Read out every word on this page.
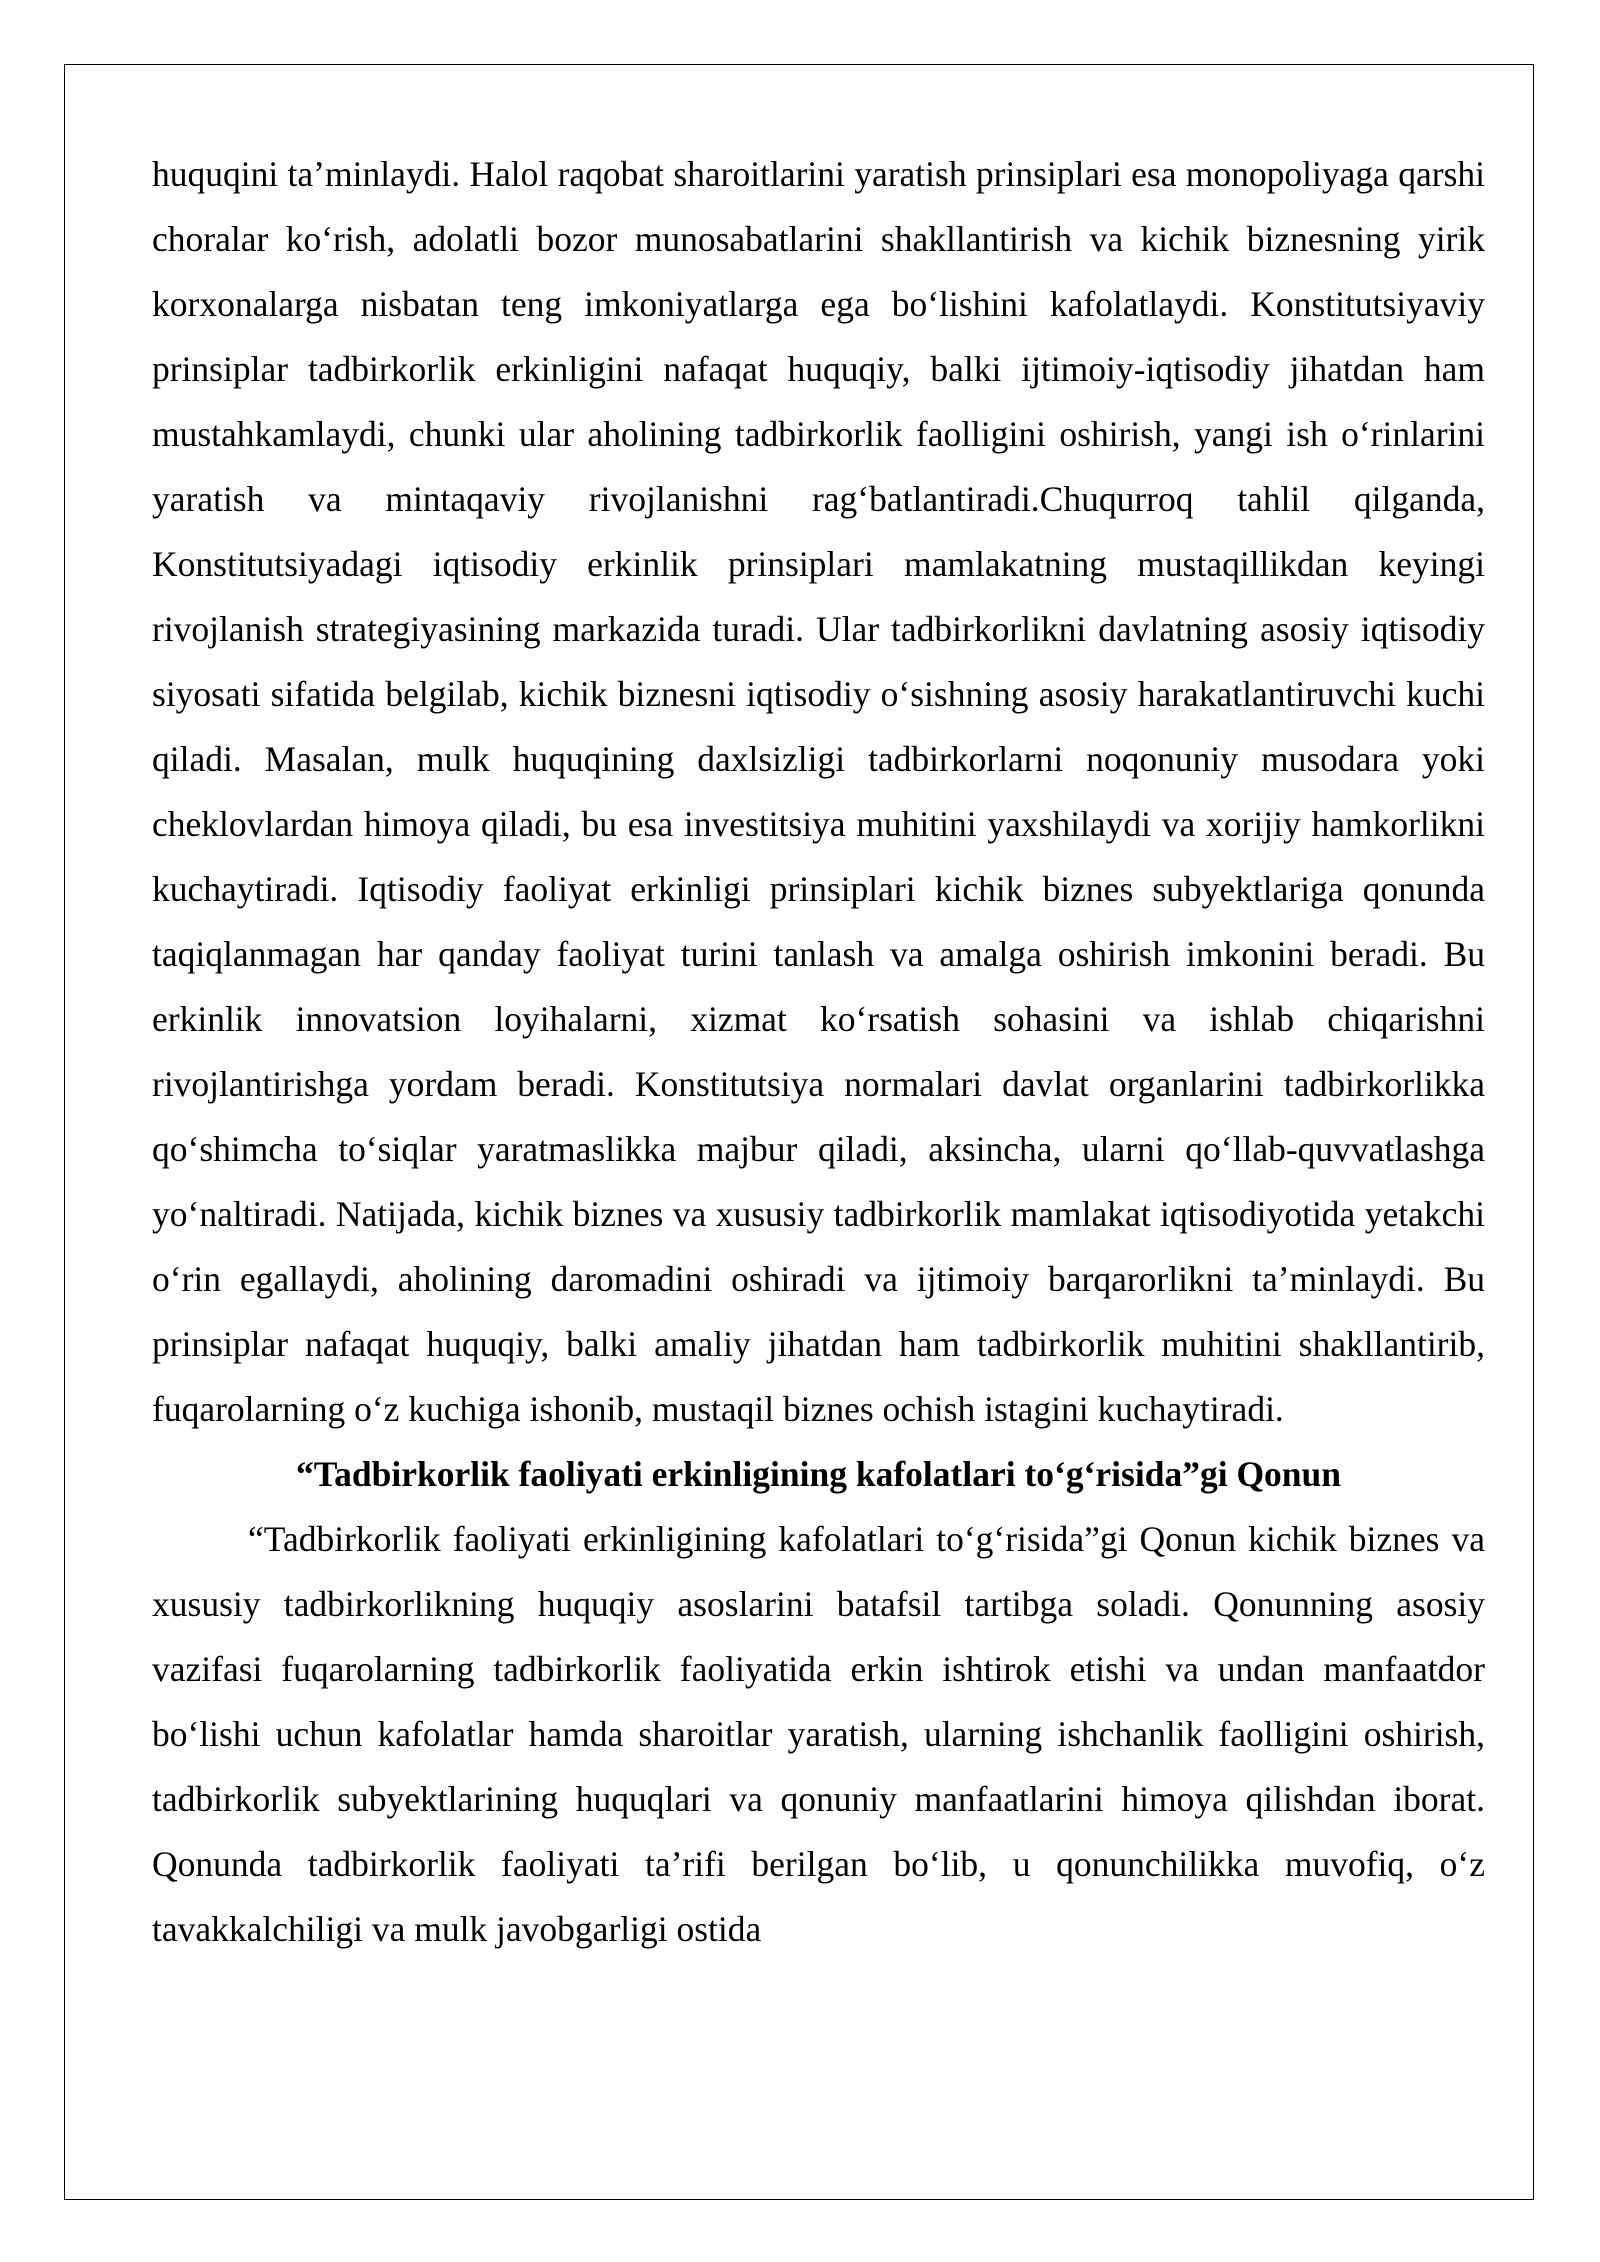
huquqini taʼminlaydi. Halol raqobat sharoitlarini yaratish prinsiplari esa monopoliyaga qarshi choralar koʻrish, adolatli bozor munosabatlarini shakllantirish va kichik biznesning yirik korxonalarga nisbatan teng imkoniyatlarga ega boʻlishini kafolatlaydi. Konstitutsiyaviy prinsiplar tadbirkorlik erkinligini nafaqat huquqiy, balki ijtimoiy-iqtisodiy jihatdan ham mustahkamlaydi, chunki ular aholining tadbirkorlik faolligini oshirish, yangi ish oʻrinlarini yaratish va mintaqaviy rivojlanishni ragʻbatlantiradi.Chuqurroq tahlil qilganda, Konstitutsiyadagi iqtisodiy erkinlik prinsiplari mamlakatning mustaqillikdan keyingi rivojlanish strategiyasining markazida turadi. Ular tadbirkorlikni davlatning asosiy iqtisodiy siyosati sifatida belgilab, kichik biznesni iqtisodiy oʻsishning asosiy harakatlantiruvchi kuchi qiladi. Masalan, mulk huquqining daxlsizligi tadbirkorlarni noqonuniy musodara yoki cheklovlardan himoya qiladi, bu esa investitsiya muhitini yaxshilaydi va xorijiy hamkorlikni kuchaytiradi. Iqtisodiy faoliyat erkinligi prinsiplari kichik biznes subyektlariga qonunda taqiqlanmagan har qanday faoliyat turini tanlash va amalga oshirish imkonini beradi. Bu erkinlik innovatsion loyihalarni, xizmat koʻrsatish sohasini va ishlab chiqarishni rivojlantirishga yordam beradi. Konstitutsiya normalari davlat organlarini tadbirkorlikka qoʻshimcha toʻsiqlar yaratmaslikka majbur qiladi, aksincha, ularni qoʻllab-quvvatlashga yoʻnaltiradi. Natijada, kichik biznes va xususiy tadbirkorlik mamlakat iqtisodiyotida yetakchi oʻrin egallaydi, aholining daromadini oshiradi va ijtimoiy barqarorlikni taʼminlaydi. Bu prinsiplar nafaqat huquqiy, balki amaliy jihatdan ham tadbirkorlik muhitini shakllantirib, fuqarolarning oʻz kuchiga ishonib, mustaqil biznes ochish istagini kuchaytiradi.

“Tadbirkorlik faoliyati erkinligining kafolatlari toʻgʻrisida”gi Qonun

“Tadbirkorlik faoliyati erkinligining kafolatlari toʻgʻrisida”gi Qonun kichik biznes va xususiy tadbirkorlikning huquqiy asoslarini batafsil tartibga soladi. Qonunning asosiy vazifasi fuqarolarning tadbirkorlik faoliyatida erkin ishtirok etishi va undan manfaatdor boʻlishi uchun kafolatlar hamda sharoitlar yaratish, ularning ishchanlik faolligini oshirish, tadbirkorlik subyektlarining huquqlari va qonuniy manfaatlarini himoya qilishdan iborat. Qonunda tadbirkorlik faoliyati taʼrifi berilgan boʻlib, u qonunchilikka muvofiq, oʻz tavakkalchiligi va mulk javobgarligi ostida
